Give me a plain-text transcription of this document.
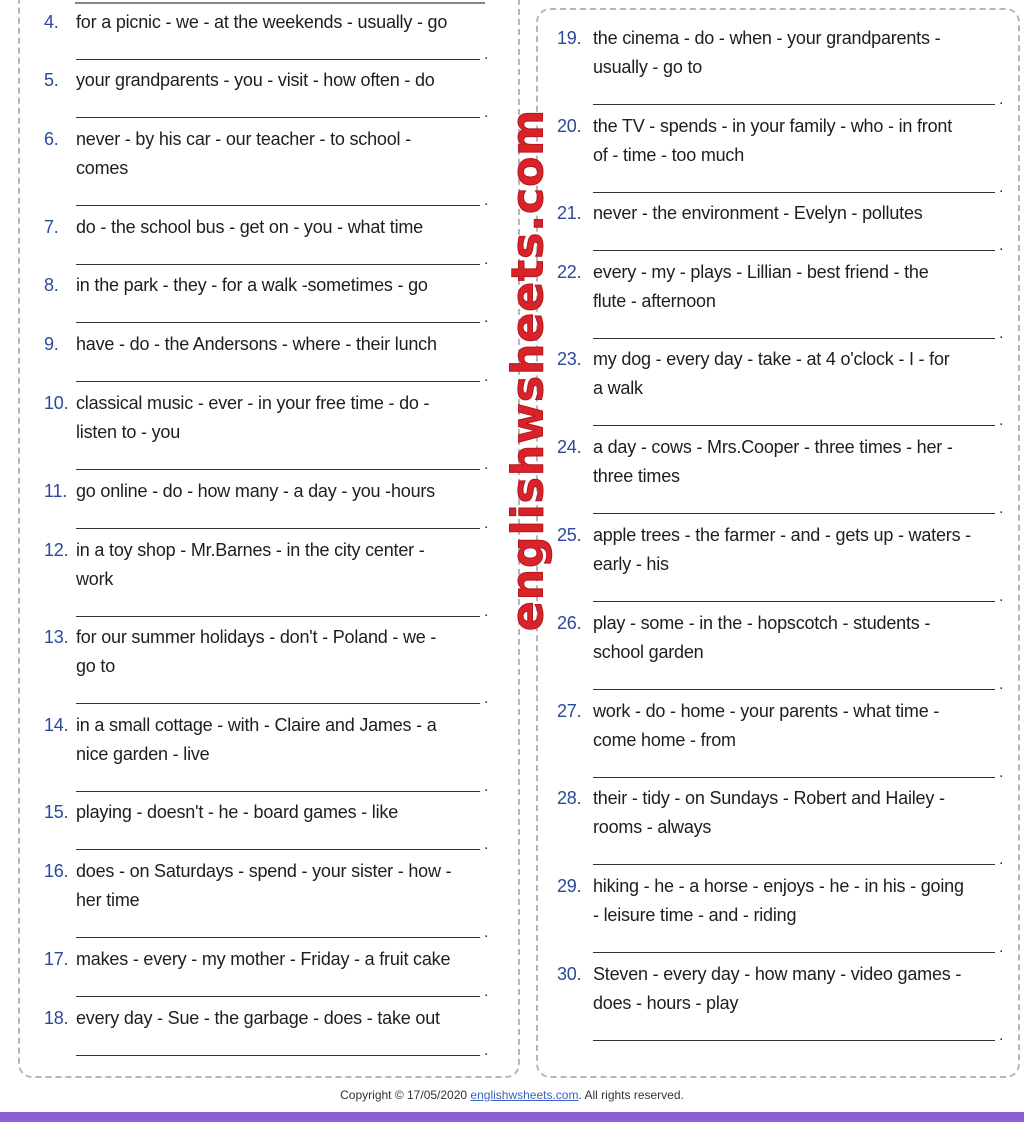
englishwsheets.com
4. for a picnic - we - at the weekends - usually - go
.
5. your grandparents - you - visit - how often - do
.
6. never - by his car - our teacher - to school -
comes
.
7. do - the school bus - get on - you - what time
.
8. in the park - they - for a walk -sometimes - go
.
9. have - do - the Andersons - where - their lunch
.
10. classical music - ever - in your free time - do -
listen to - you
.
11. go online - do - how many - a day - you -hours
.
12. in a toy shop - Mr.Barnes - in the city center -
work
.
13. for our summer holidays - don't - Poland - we -
go to
.
14. in a small cottage - with - Claire and James - a
nice garden - live
.
15. playing - doesn't - he - board games - like
.
16. does - on Saturdays - spend - your sister - how -
her time
.
17. makes - every - my mother - Friday - a fruit cake
.
18. every day - Sue - the garbage - does - take out
.
19. the cinema - do - when - your grandparents -
usually - go to
.
20. the TV - spends - in your family - who - in front
of - time - too much
.
21. never - the environment - Evelyn - pollutes
.
22. every - my - plays - Lillian - best friend - the
flute - afternoon
.
23. my dog - every day - take - at 4 o'clock - I - for
a walk
.
24. a day - cows - Mrs.Cooper - three times - her -
three times
.
25. apple trees - the farmer - and - gets up - waters -
early - his
.
26. play - some - in the - hopscotch - students -
school garden
.
27. work - do - home - your parents - what time -
come home - from
.
28. their - tidy - on Sundays - Robert and Hailey -
rooms - always
.
29. hiking - he - a horse - enjoys - he - in his - going
- leisure time - and - riding
.
30. Steven - every day - how many - video games -
does - hours - play
.
Copyright © 17/05/2020 englishwsheets.com. All rights reserved.
